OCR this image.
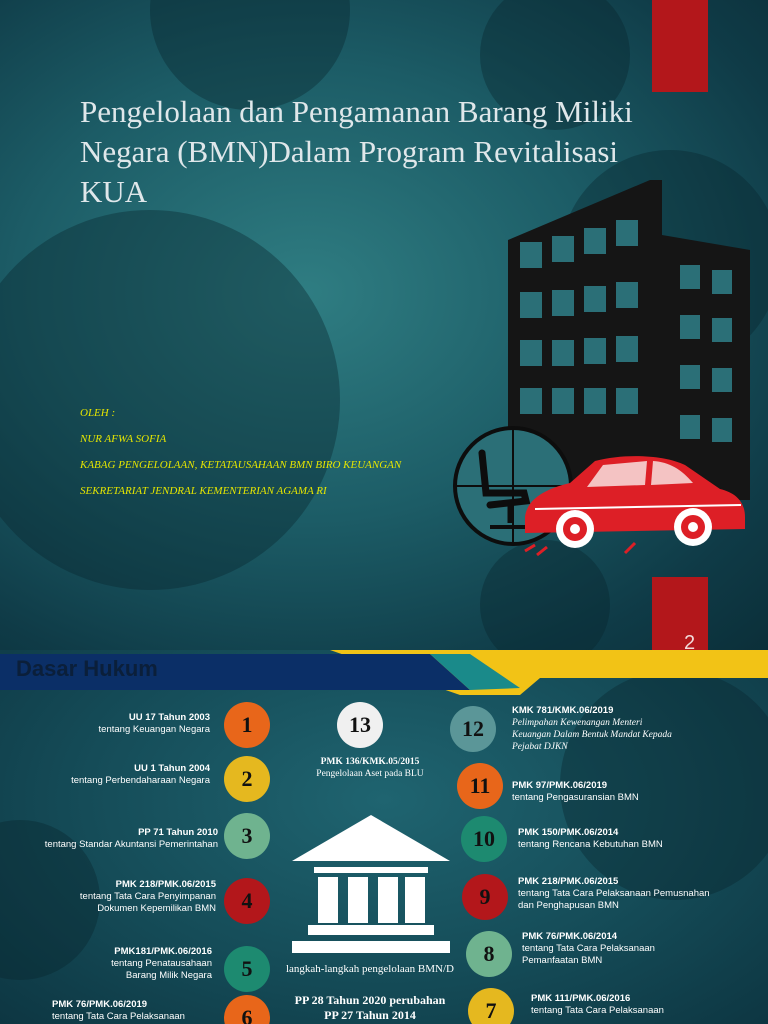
Pengelolaan dan Pengamanan Barang Miliki Negara (BMN)Dalam Program Revitalisasi KUA

OLEH :

NUR AFWA SOFIA

KABAG PENGELOLAAN, KETATAUSAHAAN BMN BIRO KEUANGAN

SEKRETARIAT JENDRAL KEMENTERIAN AGAMA RI

2
Dasar Hukum
UU 17 Tahun 2003
tentang Keuangan Negara	1
UU 1 Tahun 2004
tentang Perbendaharaan Negara	2
PP 71 Tahun 2010
tentang Standar Akuntansi Pemerintahan	3
PMK 218/PMK.06/2015
tentang Tata Cara Penyimpanan Dokumen Kepemilikan BMN	4
PMK181/PMK.06/2016
tentang Penatausahaan Barang Milik Negara	5
PMK 76/PMK.06/2019
tentang Tata Cara Pelaksanaan	6
13
PMK 136/KMK.05/2015
Pengelolaan Aset pada BLU
langkah-langkah pengelolaan BMN/D
PP 28 Tahun 2020 perubahan
PP 27 Tahun 2014
12
KMK 781/KMK.06/2019
Pelimpahan Kewenangan Menteri Keuangan Dalam Bentuk Mandat Kepada Pejabat DJKN
11	PMK 97/PMK.06/2019
tentang Pengasuransian BMN
10	PMK 150/PMK.06/2014
tentang Rencana Kebutuhan BMN
9
PMK 218/PMK.06/2015
tentang Tata Cara Pelaksanaan Pemusnahan dan Penghapusan BMN
8
PMK 76/PMK.06/2014
tentang Tata Cara Pelaksanaan Pemanfaatan BMN
7	PMK 111/PMK.06/2016
tentang Tata Cara Pelaksanaan
